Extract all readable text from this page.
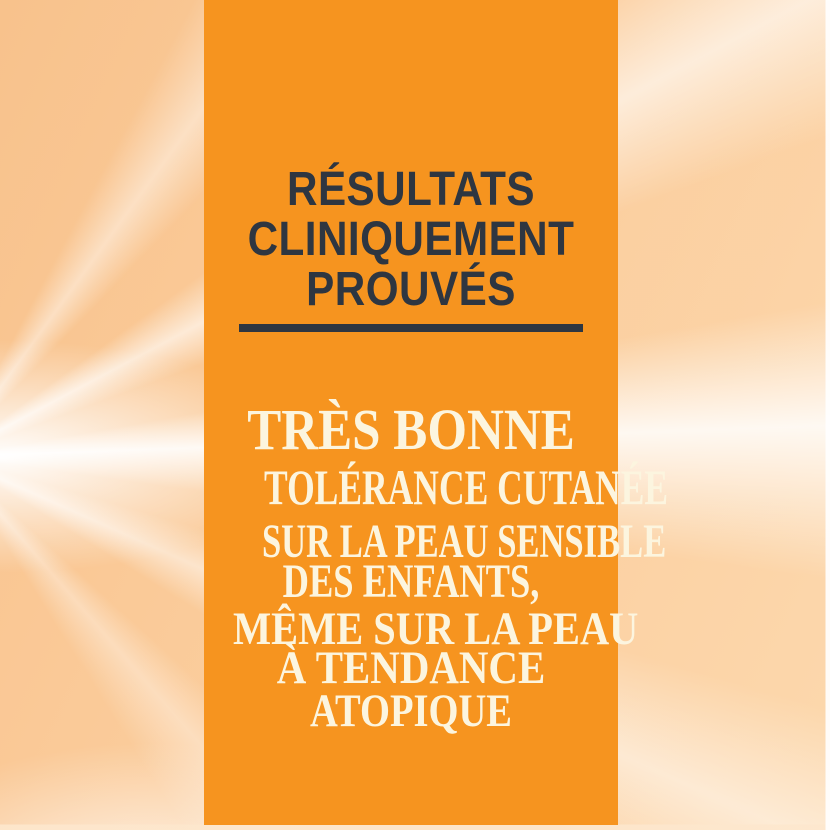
RÉSULTATS
CLINIQUEMENT
PROUVÉS
TRÈS BONNE
TOLÉRANCE CUTANÉE
SUR LA PEAU SENSIBLE
DES ENFANTS,
MÊME SUR LA PEAU
À TENDANCE
ATOPIQUE
